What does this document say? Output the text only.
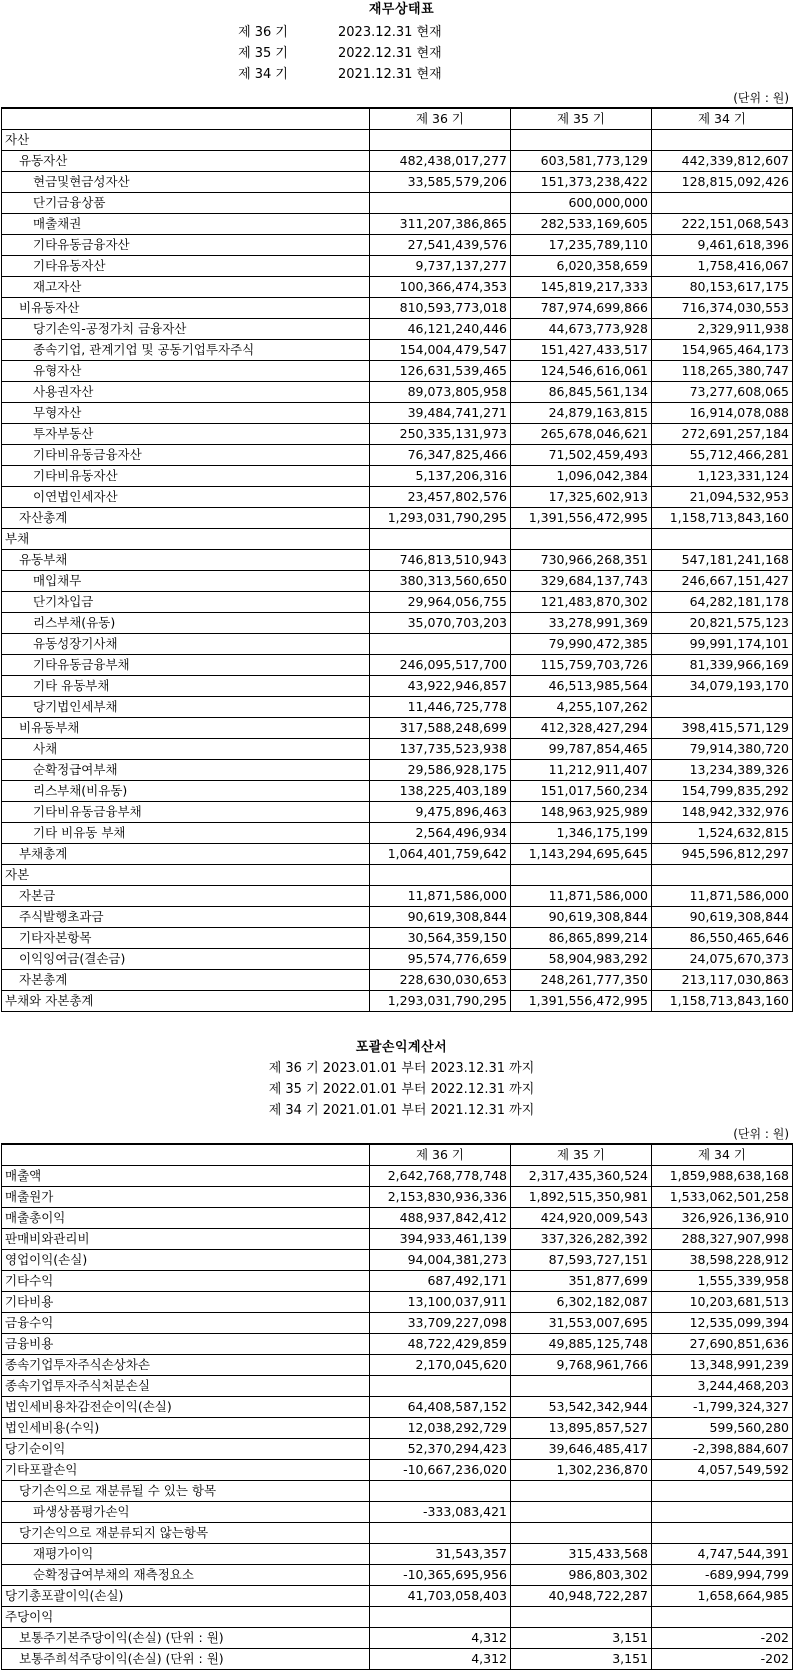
재무상태표
제 36 기	2023.12.31 현재
제 35 기	2022.12.31 현재
제 34 기	2021.12.31 현재
(단위 : 원)
	제 36 기	제 35 기	제 34 기
자산			
유동자산	482,438,017,277	603,581,773,129	442,339,812,607
현금및현금성자산	33,585,579,206	151,373,238,422	128,815,092,426
단기금융상품		600,000,000	
매출채권	311,207,386,865	282,533,169,605	222,151,068,543
기타유동금융자산	27,541,439,576	17,235,789,110	9,461,618,396
기타유동자산	9,737,137,277	6,020,358,659	1,758,416,067
재고자산	100,366,474,353	145,819,217,333	80,153,617,175
비유동자산	810,593,773,018	787,974,699,866	716,374,030,553
당기손익-공정가치 금융자산	46,121,240,446	44,673,773,928	2,329,911,938
종속기업, 관계기업 및 공동기업투자주식	154,004,479,547	151,427,433,517	154,965,464,173
유형자산	126,631,539,465	124,546,616,061	118,265,380,747
사용권자산	89,073,805,958	86,845,561,134	73,277,608,065
무형자산	39,484,741,271	24,879,163,815	16,914,078,088
투자부동산	250,335,131,973	265,678,046,621	272,691,257,184
기타비유동금융자산	76,347,825,466	71,502,459,493	55,712,466,281
기타비유동자산	5,137,206,316	1,096,042,384	1,123,331,124
이연법인세자산	23,457,802,576	17,325,602,913	21,094,532,953
자산총계	1,293,031,790,295	1,391,556,472,995	1,158,713,843,160
부채			
유동부채	746,813,510,943	730,966,268,351	547,181,241,168
매입채무	380,313,560,650	329,684,137,743	246,667,151,427
단기차입금	29,964,056,755	121,483,870,302	64,282,181,178
리스부채(유동)	35,070,703,203	33,278,991,369	20,821,575,123
유동성장기사채		79,990,472,385	99,991,174,101
기타유동금융부채	246,095,517,700	115,759,703,726	81,339,966,169
기타 유동부채	43,922,946,857	46,513,985,564	34,079,193,170
당기법인세부채	11,446,725,778	4,255,107,262	
비유동부채	317,588,248,699	412,328,427,294	398,415,571,129
사채	137,735,523,938	99,787,854,465	79,914,380,720
순확정급여부채	29,586,928,175	11,212,911,407	13,234,389,326
리스부채(비유동)	138,225,403,189	151,017,560,234	154,799,835,292
기타비유동금융부채	9,475,896,463	148,963,925,989	148,942,332,976
기타 비유동 부채	2,564,496,934	1,346,175,199	1,524,632,815
부채총계	1,064,401,759,642	1,143,294,695,645	945,596,812,297
자본			
자본금	11,871,586,000	11,871,586,000	11,871,586,000
주식발행초과금	90,619,308,844	90,619,308,844	90,619,308,844
기타자본항목	30,564,359,150	86,865,899,214	86,550,465,646
이익잉여금(결손금)	95,574,776,659	58,904,983,292	24,075,670,373
자본총계	228,630,030,653	248,261,777,350	213,117,030,863
부채와 자본총계	1,293,031,790,295	1,391,556,472,995	1,158,713,843,160
포괄손익계산서
제 36 기 2023.01.01 부터 2023.12.31 까지
제 35 기 2022.01.01 부터 2022.12.31 까지
제 34 기 2021.01.01 부터 2021.12.31 까지
(단위 : 원)
	제 36 기	제 35 기	제 34 기
매출액	2,642,768,778,748	2,317,435,360,524	1,859,988,638,168
매출원가	2,153,830,936,336	1,892,515,350,981	1,533,062,501,258
매출총이익	488,937,842,412	424,920,009,543	326,926,136,910
판매비와관리비	394,933,461,139	337,326,282,392	288,327,907,998
영업이익(손실)	94,004,381,273	87,593,727,151	38,598,228,912
기타수익	687,492,171	351,877,699	1,555,339,958
기타비용	13,100,037,911	6,302,182,087	10,203,681,513
금융수익	33,709,227,098	31,553,007,695	12,535,099,394
금융비용	48,722,429,859	49,885,125,748	27,690,851,636
종속기업투자주식손상차손	2,170,045,620	9,768,961,766	13,348,991,239
종속기업투자주식처분손실			3,244,468,203
법인세비용차감전순이익(손실)	64,408,587,152	53,542,342,944	-1,799,324,327
법인세비용(수익)	12,038,292,729	13,895,857,527	599,560,280
당기순이익	52,370,294,423	39,646,485,417	-2,398,884,607
기타포괄손익	-10,667,236,020	1,302,236,870	4,057,549,592
당기손익으로 재분류될 수 있는 항목			
파생상품평가손익	-333,083,421		
당기손익으로 재분류되지 않는항목			
재평가이익	31,543,357	315,433,568	4,747,544,391
순확정급여부채의 재측정요소	-10,365,695,956	986,803,302	-689,994,799
당기총포괄이익(손실)	41,703,058,403	40,948,722,287	1,658,664,985
주당이익			
보통주기본주당이익(손실) (단위 : 원)	4,312	3,151	-202
보통주희석주당이익(손실) (단위 : 원)	4,312	3,151	-202
